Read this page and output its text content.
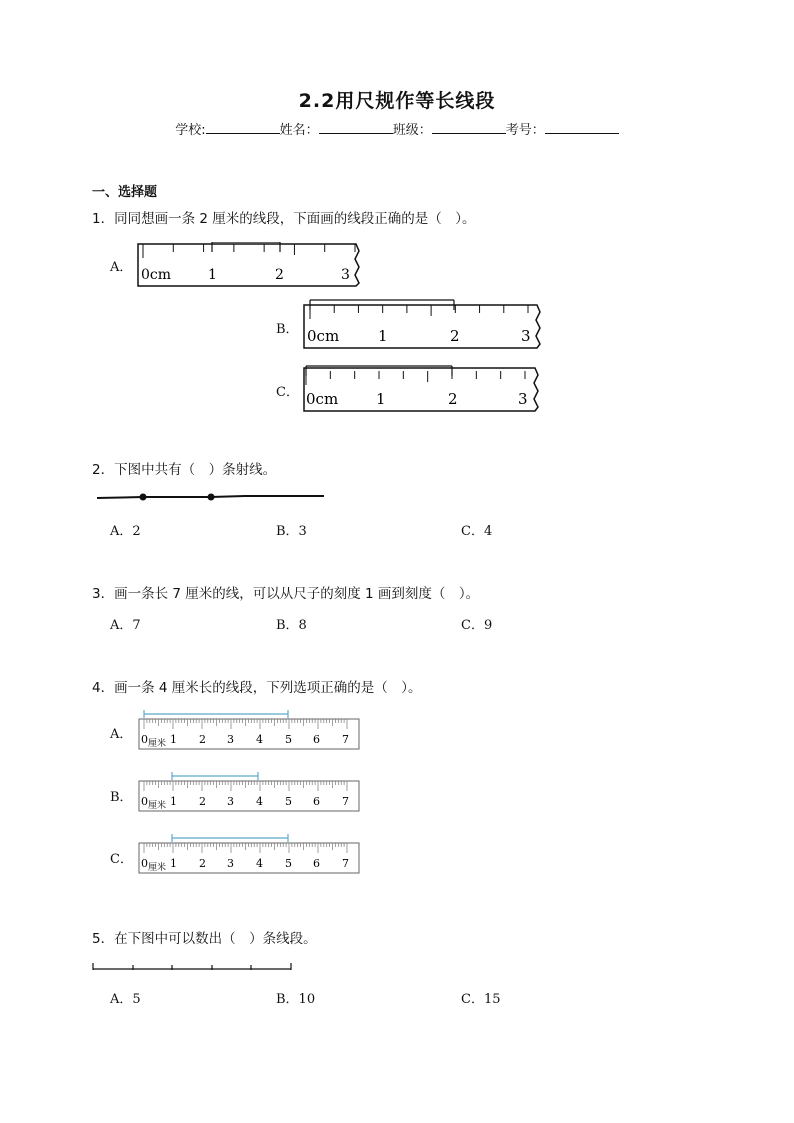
2.2用尺规作等长线段
学校:	姓名：	班级：	考号：
一、选择题
1．同同想画一条 2 厘米的线段，下面画的线段正确的是（　）。
A．
B．
C．
0cm	1	2	3
0cm	1	2	3
0cm	1	2	3
2．下图中共有（　）条射线。
A．2	B．3	C．4
3．画一条长 7 厘米的线，可以从尺子的刻度 1 画到刻度（　）。
A．7	B．8	C．9
4．画一条 4 厘米长的线段，下列选项正确的是（　）。
A．
B．
C．
0 厘米 1 2 3 4 5 6 7
0 厘米 1 2 3 4 5 6 7
0 厘米 1 2 3 4 5 6 7
5．在下图中可以数出（　）条线段。
A．5	B．10	C．15
